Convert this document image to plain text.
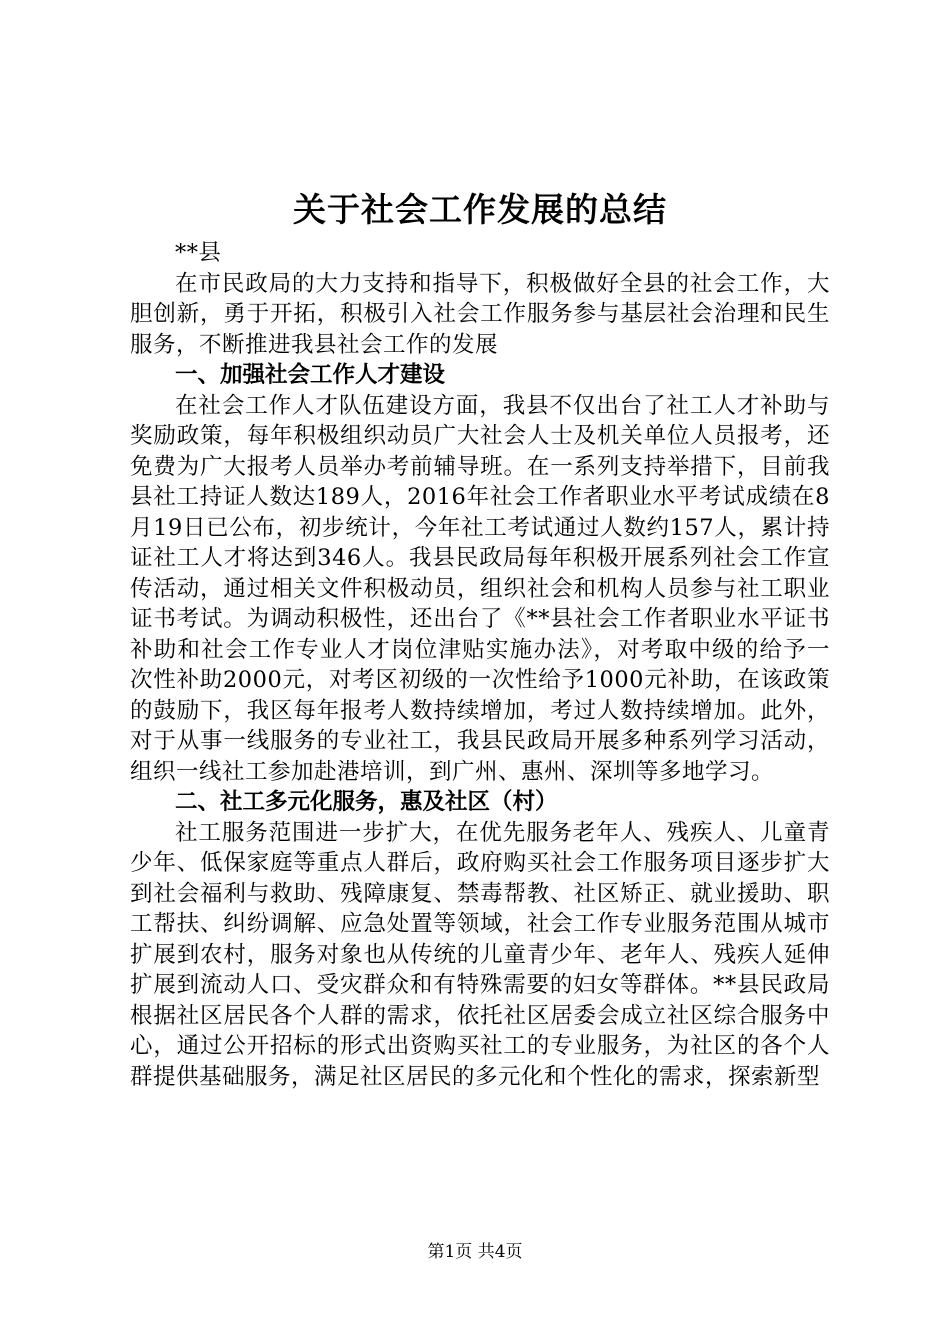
关于社会工作发展的总结

**县

在市民政局的大力支持和指导下，积极做好全县的社会工作，大胆创新，勇于开拓，积极引入社会工作服务参与基层社会治理和民生服务，不断推进我县社会工作的发展

一、加强社会工作人才建设

在社会工作人才队伍建设方面，我县不仅出台了社工人才补助与奖励政策，每年积极组织动员广大社会人士及机关单位人员报考，还免费为广大报考人员举办考前辅导班。在一系列支持举措下，目前我县社工持证人数达189人，2016年社会工作者职业水平考试成绩在8月19日已公布，初步统计，今年社工考试通过人数约157人，累计持证社工人才将达到346人。我县民政局每年积极开展系列社会工作宣传活动，通过相关文件积极动员，组织社会和机构人员参与社工职业证书考试。为调动积极性，还出台了《**县社会工作者职业水平证书补助和社会工作专业人才岗位津贴实施办法》，对考取中级的给予一次性补助2000元，对考区初级的一次性给予1000元补助，在该政策的鼓励下，我区每年报考人数持续增加，考过人数持续增加。此外，对于从事一线服务的专业社工，我县民政局开展多种系列学习活动，组织一线社工参加赴港培训，到广州、惠州、深圳等多地学习。

二、社工多元化服务，惠及社区（村）

社工服务范围进一步扩大，在优先服务老年人、残疾人、儿童青少年、低保家庭等重点人群后，政府购买社会工作服务项目逐步扩大到社会福利与救助、残障康复、禁毒帮教、社区矫正、就业援助、职工帮扶、纠纷调解、应急处置等领域，社会工作专业服务范围从城市扩展到农村，服务对象也从传统的儿童青少年、老年人、残疾人延伸扩展到流动人口、受灾群众和有特殊需要的妇女等群体。**县民政局根据社区居民各个人群的需求，依托社区居委会成立社区综合服务中心，通过公开招标的形式出资购买社工的专业服务，为社区的各个人群提供基础服务，满足社区居民的多元化和个性化的需求，探索新型

第1页 共4页
